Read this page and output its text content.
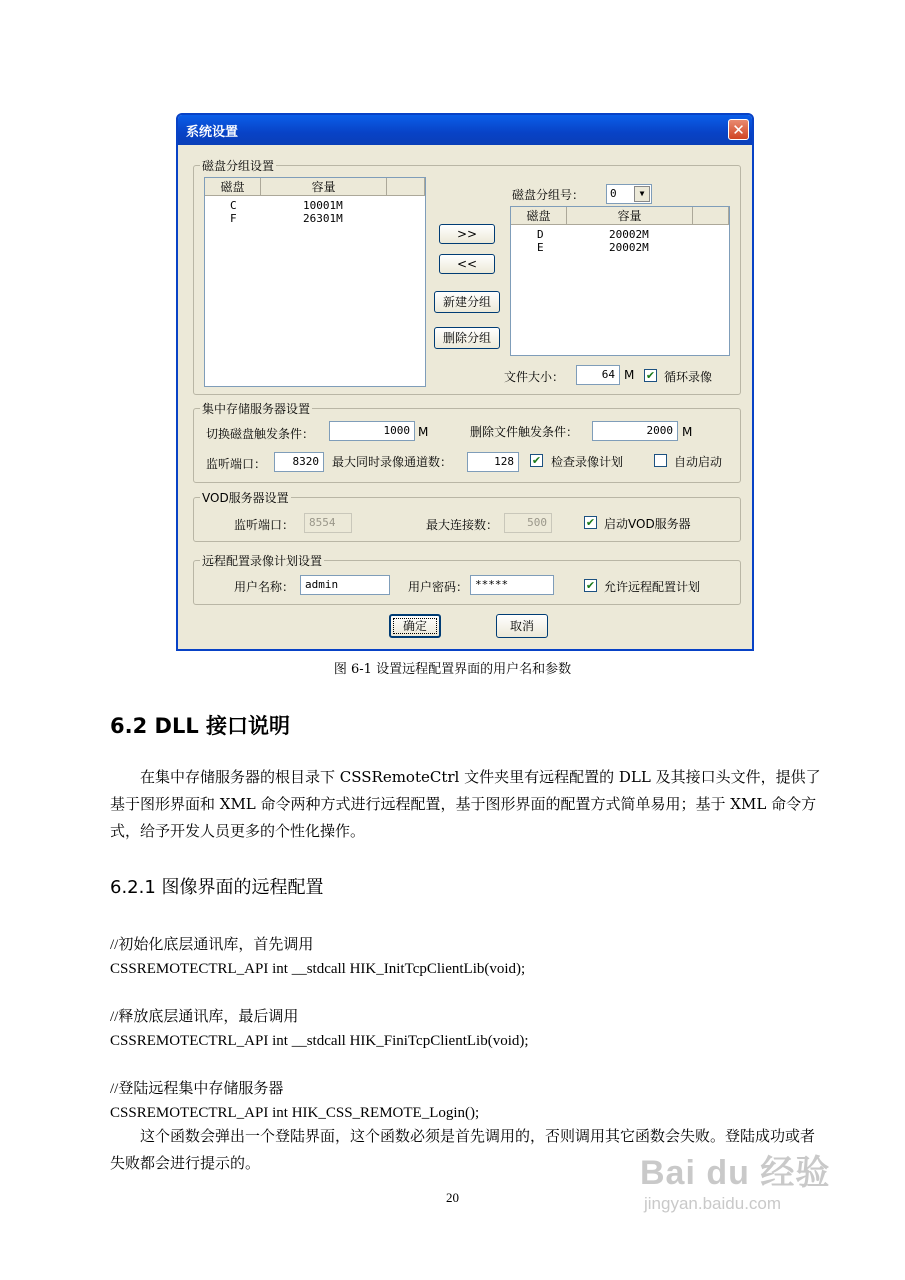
系统设置	✕
磁盘分组设置
磁盘	容量
C	10001M
F	26301M
磁盘分组号：	0	▼
>>
<<
新建分组
删除分组
磁盘	容量
D	20002M
E	20002M
文件大小：	64 M ✔ 循环录像
集中存储服务器设置
切换磁盘触发条件：	1000 M	删除文件触发条件：	2000 M
监听端口：	8320	最大同时录像通道数：	128	✔ 检查录像计划	自动启动
VOD服务器设置
监听端口：	8554	最大连接数：	500	✔ 启动VOD服务器
远程配置录像计划设置
用户名称： admin	用户密码： *****	✔ 允许远程配置计划
确定	取消
图 6-1 设置远程配置界面的用户名和参数
6.2 DLL 接口说明
在集中存储服务器的根目录下 CSSRemoteCtrl 文件夹里有远程配置的 DLL 及其接口头文件，提供了基于图形界面和 XML 命令两种方式进行远程配置，基于图形界面的配置方式简单易用；基于 XML 命令方式，给予开发人员更多的个性化操作。
6.2.1 图像界面的远程配置
//初始化底层通讯库，首先调用
CSSREMOTECTRL_API int __stdcall HIK_InitTcpClientLib(void);
//释放底层通讯库，最后调用
CSSREMOTECTRL_API int __stdcall HIK_FiniTcpClientLib(void);
//登陆远程集中存储服务器
CSSREMOTECTRL_API int HIK_CSS_REMOTE_Login();
这个函数会弹出一个登陆界面，这个函数必须是首先调用的，否则调用其它函数会失败。登陆成功或者失败都会进行提示的。
20
Bai du 经验
jingyan.baidu.com
